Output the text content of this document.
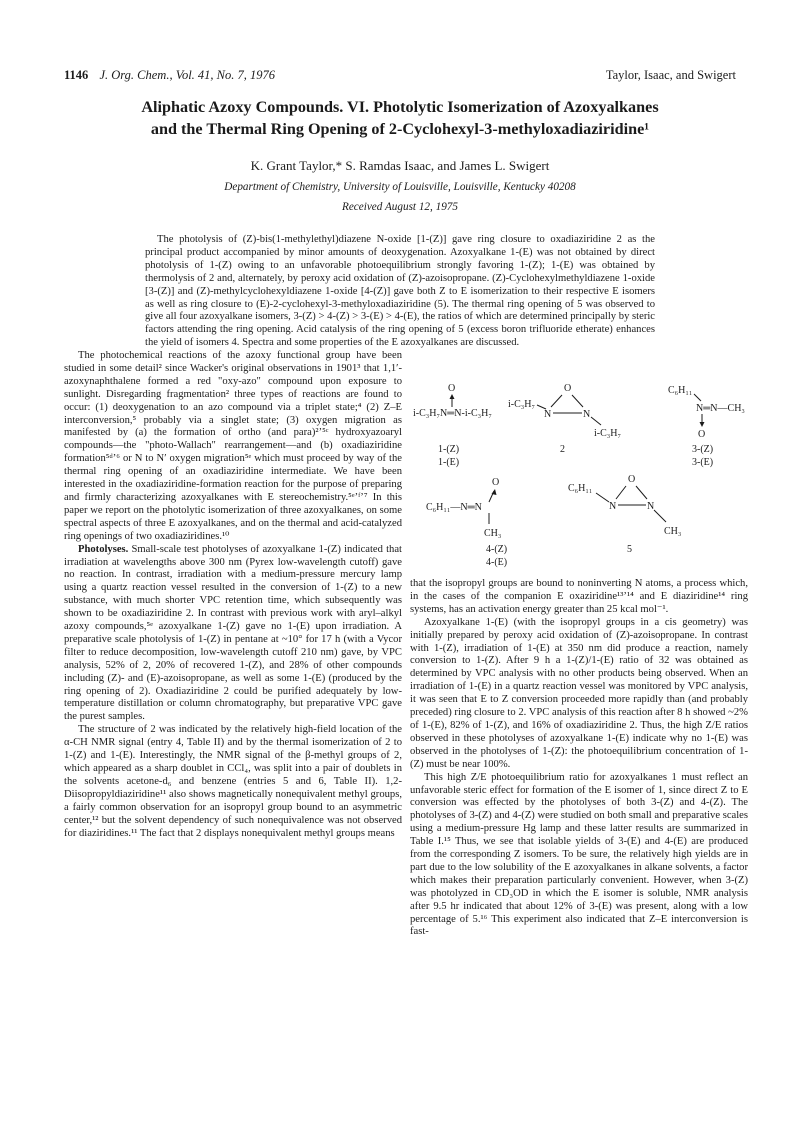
1146 J. Org. Chem., Vol. 41, No. 7, 1976	Taylor, Isaac, and Swigert
Aliphatic Azoxy Compounds. VI. Photolytic Isomerization of Azoxyalkanes
and the Thermal Ring Opening of 2-Cyclohexyl-3-methyloxadiaziridine¹
K. Grant Taylor,* S. Ramdas Isaac, and James L. Swigert
Department of Chemistry, University of Louisville, Louisville, Kentucky 40208
Received August 12, 1975
The photolysis of (Z)-bis(1-methylethyl)diazene N-oxide [1-(Z)] gave ring closure to oxadiaziridine 2 as the principal product accompanied by minor amounts of deoxygenation. Azoxyalkane 1-(E) was not obtained by direct photolysis of 1-(Z) owing to an unfavorable photoequilibrium strongly favoring 1-(Z); 1-(E) was obtained by thermolysis of 2 and, alternately, by peroxy acid oxidation of (Z)-azoisopropane. (Z)-Cyclohexylmethyldiazene 1-oxide [3-(Z)] and (Z)-methylcyclohexyldiazene 1-oxide [4-(Z)] gave both Z to E isomerization to their respective E isomers as well as ring closure to (E)-2-cyclohexyl-3-methyloxadiaziridine (5). The thermal ring opening of 5 was observed to give all four azoxyalkane isomers, 3-(Z) > 4-(Z) > 3-(E) > 4-(E), the ratios of which are determined principally by steric factors attending the ring opening. Acid catalysis of the ring opening of 5 (excess boron trifluoride etherate) enhances the yield of isomers 4. Spectra and some properties of the E azoxyalkanes are discussed.

The photochemical reactions of the azoxy functional group have been studied in some detail² since Wacker's original observations in 1901³ that 1,1′-azoxynaphthalene formed a red "oxy-azo" compound upon exposure to sunlight. Disregarding fragmentation² three types of reactions are found to occur: (1) deoxygenation to an azo compound via a triplet state;⁴ (2) Z–E interconversion,⁵ probably via a singlet state; (3) oxygen migration as manifested by (a) the formation of ortho (and para)²ʼ⁵ᶜ hydroxyazoaryl compounds—the "photo-Wallach" rearrangement—and (b) oxadiaziridine formation⁵ᵈʼ⁶ or N to N′ oxygen migration⁵ᵉ which must proceed by way of the thermal ring opening of an oxadiaziridine intermediate. We have been interested in the oxadiaziridine-formation reaction for the purpose of preparing and firmly characterizing azoxyalkanes with E stereochemistry.⁵ᵉʼᶠʼ⁷ In this paper we report on the photolytic isomerization of three azoxyalkanes, on some spectral aspects of three E azoxyalkanes, and on the thermal and acid-catalyzed ring openings of two oxadiaziridines.¹⁰

Photolyses. Small-scale test photolyses of azoxyalkane 1-(Z) indicated that irradiation at wavelengths above 300 nm (Pyrex low-wavelength cutoff) gave no reaction. In contrast, irradiation with a medium-pressure mercury lamp using a quartz reaction vessel resulted in the conversion of 1-(Z) to a new substance, with much shorter VPC retention time, which subsequently was shown to be oxadiaziridine 2. In contrast with previous work with aryl–alkyl azoxy compounds,⁵ᵉ azoxyalkane 1-(Z) gave no 1-(E) upon irradiation. A preparative scale photolysis of 1-(Z) in pentane at ~10° for 17 h (with a Vycor filter to reduce decomposition, low-wavelength cutoff 210 nm) gave, by VPC analysis, 52% of 2, 20% of recovered 1-(Z), and 28% of other compounds including (Z)- and (E)-azoisopropane, as well as some 1-(E) (produced by the ring opening of 2). Oxadiaziridine 2 could be purified adequately by low-temperature distillation or column chromatography, but preparative VPC gave the purest samples.

The structure of 2 was indicated by the relatively high-field location of the α-CH NMR signal (entry 4, Table II) and by the thermal isomerization of 2 to 1-(Z) and 1-(E). Interestingly, the NMR signal of the β-methyl groups of 2, which appeared as a sharp doublet in CCl₄, was split into a pair of doublets in the solvents acetone-d₆ and benzene (entries 5 and 6, Table II). 1,2-Diisopropyldiaziridine¹¹ also shows magnetically nonequivalent methyl groups, a fairly common observation for an isopropyl group bound to an asymmetric center,¹² but the solvent dependency of such nonequivalence was not observed for diaziridines.¹¹ The fact that 2 displays nonequivalent methyl groups means

O
i-C₃H₇N═N-i-C₃H₇
1-(Z)
1-(E)
O
N	N
i-C₃H₇
i-C₃H₇
2
C₆H₁₁
N═N—CH₃
O
3-(Z)
3-(E)
O
C₆H₁₁—N═N
CH₃
4-(Z)
4-(E)
O
N	N
C₆H₁₁
CH₃
5

that the isopropyl groups are bound to noninverting N atoms, a process which, in the cases of the companion E oxaziridine¹³ʼ¹⁴ and E diaziridine¹⁴ ring systems, has an activation energy greater than 25 kcal mol⁻¹.

Azoxyalkane 1-(E) (with the isopropyl groups in a cis geometry) was initially prepared by peroxy acid oxidation of (Z)-azoisopropane. In contrast with 1-(Z), irradiation of 1-(E) at 350 nm did produce a reaction, namely conversion to 1-(Z). After 9 h a 1-(Z)/1-(E) ratio of 32 was obtained as determined by VPC analysis with no other products being observed. When an irradiation of 1-(E) in a quartz reaction vessel was monitored by VPC analysis, it was seen that E to Z conversion proceeded more rapidly than (and probably preceded) ring closure to 2. VPC analysis of this reaction after 8 h showed ~2% of 1-(E), 82% of 1-(Z), and 16% of oxadiaziridine 2. Thus, the high Z/E ratios observed in these photolyses of azoxyalkane 1-(E) indicate why no 1-(E) was observed in the photolyses of 1-(Z): the photoequilibrium concentration of 1-(Z) must be near 100%.

This high Z/E photoequilibrium ratio for azoxyalkanes 1 must reflect an unfavorable steric effect for formation of the E isomer of 1, since direct Z to E conversion was effected by the photolyses of both 3-(Z) and 4-(Z). The photolyses of 3-(Z) and 4-(Z) were studied on both small and preparative scales using a medium-pressure Hg lamp and these latter results are summarized in Table I.¹⁵ Thus, we see that isolable yields of 3-(E) and 4-(E) are produced from the corresponding Z isomers. To be sure, the relatively high yields are in part due to the low solubility of the E azoxyalkanes in alkane solvents, a factor which makes their preparation particularly convenient. However, when 3-(Z) was photolyzed in CD₃OD in which the E isomer is soluble, NMR analysis after 9.5 hr indicated that about 12% of 3-(E) was present, along with a low percentage of 5.¹⁶ This experiment also indicated that Z–E interconversion is fast-
